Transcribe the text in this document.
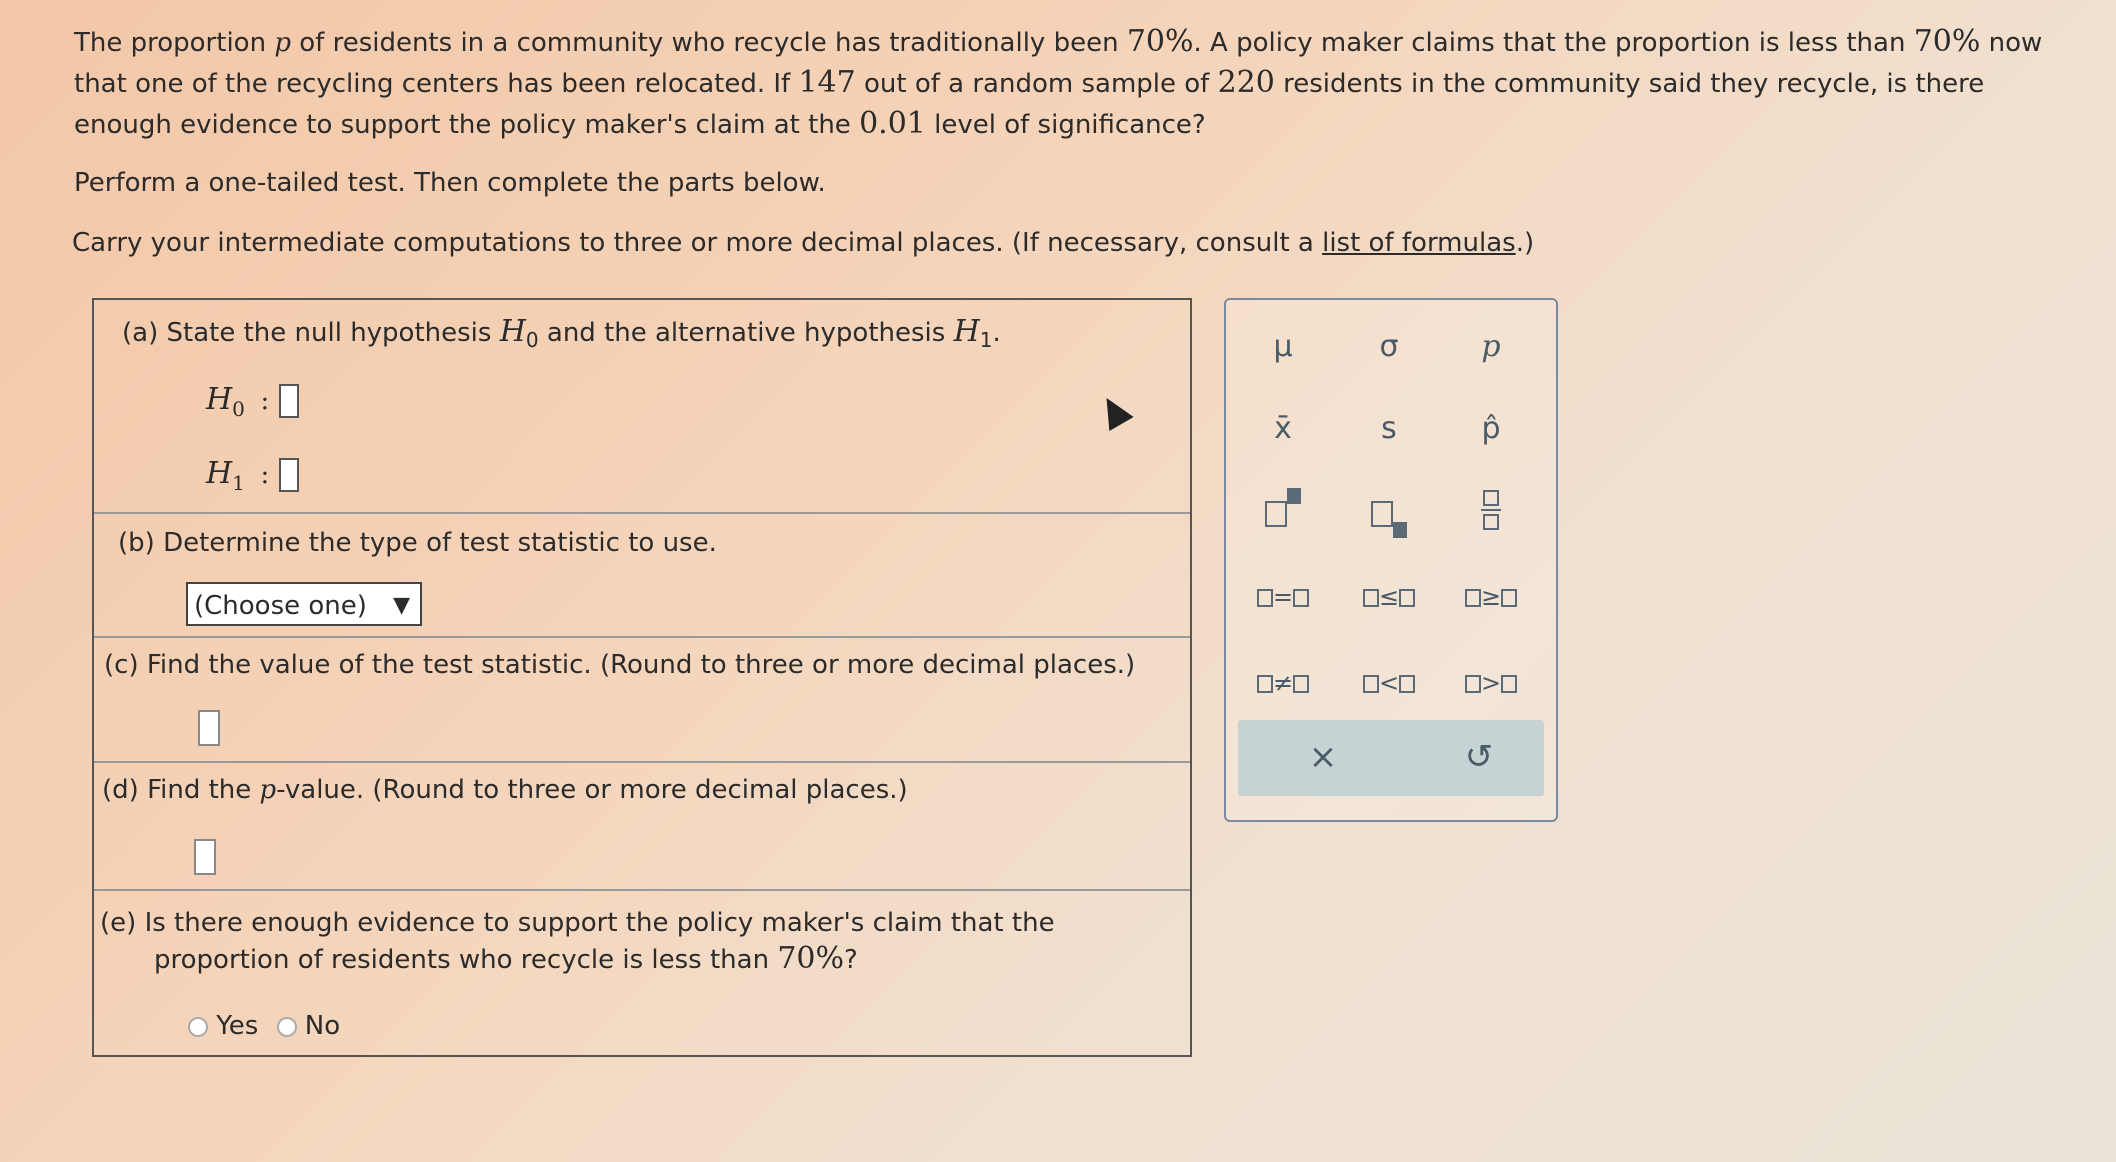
The proportion p of residents in a community who recycle has traditionally been 70%. A policy maker claims that the proportion is less than 70% now that one of the recycling centers has been relocated. If 147 out of a random sample of 220 residents in the community said they recycle, is there enough evidence to support the policy maker's claim at the 0.01 level of significance?

Perform a one-tailed test. Then complete the parts below.
Carry your intermediate computations to three or more decimal places. (If necessary, consult a list of formulas.)
(a) State the null hypothesis $H_0$ and the alternative hypothesis $H_1$.
$H_0$ :
$H_1$ :
(b) Determine the type of test statistic to use.
(Choose one) ▼
(c) Find the value of the test statistic. (Round to three or more decimal places.)
(d) Find the p-value. (Round to three or more decimal places.)
(e) Is there enough evidence to support the policy maker's claim that the
proportion of residents who recycle is less than 70%?
Yes No
μ	σ	p
x̄	s	p̂
=	≤	≥
≠	<	>
×	↺
